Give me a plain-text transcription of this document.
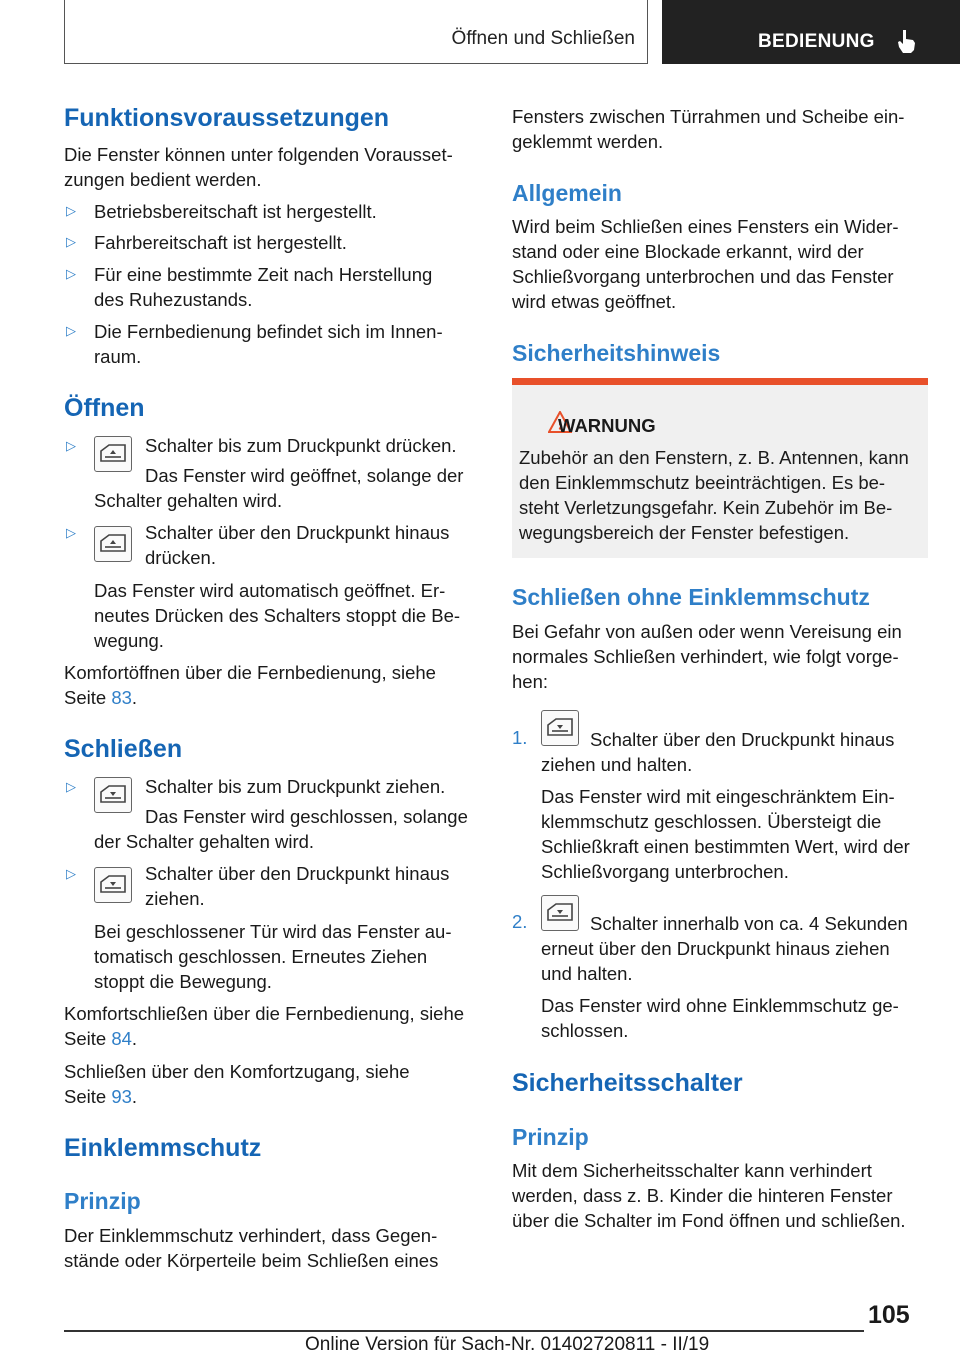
Öffnen und Schließen	BEDIENUNG
Funktionsvoraussetzungen
Die Fenster können unter folgenden Vorausset-
zungen bedient werden.
▷ Betriebsbereitschaft ist hergestellt.
▷ Fahrbereitschaft ist hergestellt.
▷ Für eine bestimmte Zeit nach Herstellung
des Ruhezustands.
▷ Die Fernbedienung befindet sich im Innen-
raum.
Öffnen
▷	Schalter bis zum Druckpunkt drücken.
Das Fenster wird geöffnet, solange der
Schalter gehalten wird.
▷	Schalter über den Druckpunkt hinaus
drücken.
Das Fenster wird automatisch geöffnet. Er-
neutes Drücken des Schalters stoppt die Be-
wegung.
Komfortöffnen über die Fernbedienung, siehe
Seite 83.
Schließen
▷	Schalter bis zum Druckpunkt ziehen.
Das Fenster wird geschlossen, solange
der Schalter gehalten wird.
▷	Schalter über den Druckpunkt hinaus
ziehen.
Bei geschlossener Tür wird das Fenster au-
tomatisch geschlossen. Erneutes Ziehen
stoppt die Bewegung.
Komfortschließen über die Fernbedienung, siehe
Seite 84.
Schließen über den Komfortzugang, siehe
Seite 93.
Einklemmschutz
Prinzip
Der Einklemmschutz verhindert, dass Gegen-
stände oder Körperteile beim Schließen eines
Fensters zwischen Türrahmen und Scheibe ein-
geklemmt werden.
Allgemein
Wird beim Schließen eines Fensters ein Wider-
stand oder eine Blockade erkannt, wird der
Schließvorgang unterbrochen und das Fenster
wird etwas geöffnet.
Sicherheitshinweis
WARNUNG
Zubehör an den Fenstern, z. B. Antennen, kann
den Einklemmschutz beeinträchtigen. Es be-
steht Verletzungsgefahr. Kein Zubehör im Be-
wegungsbereich der Fenster befestigen.
Schließen ohne Einklemmschutz
Bei Gefahr von außen oder wenn Vereisung ein
normales Schließen verhindert, wie folgt vorge-
hen:
1.	Schalter über den Druckpunkt hinaus
ziehen und halten.
Das Fenster wird mit eingeschränktem Ein-
klemmschutz geschlossen. Übersteigt die
Schließkraft einen bestimmten Wert, wird der
Schließvorgang unterbrochen.
2.	Schalter innerhalb von ca. 4 Sekunden
erneut über den Druckpunkt hinaus ziehen
und halten.
Das Fenster wird ohne Einklemmschutz ge-
schlossen.
Sicherheitsschalter
Prinzip
Mit dem Sicherheitsschalter kann verhindert
werden, dass z. B. Kinder die hinteren Fenster
über die Schalter im Fond öffnen und schließen.
105
Online Version für Sach-Nr. 01402720811 - II/19
